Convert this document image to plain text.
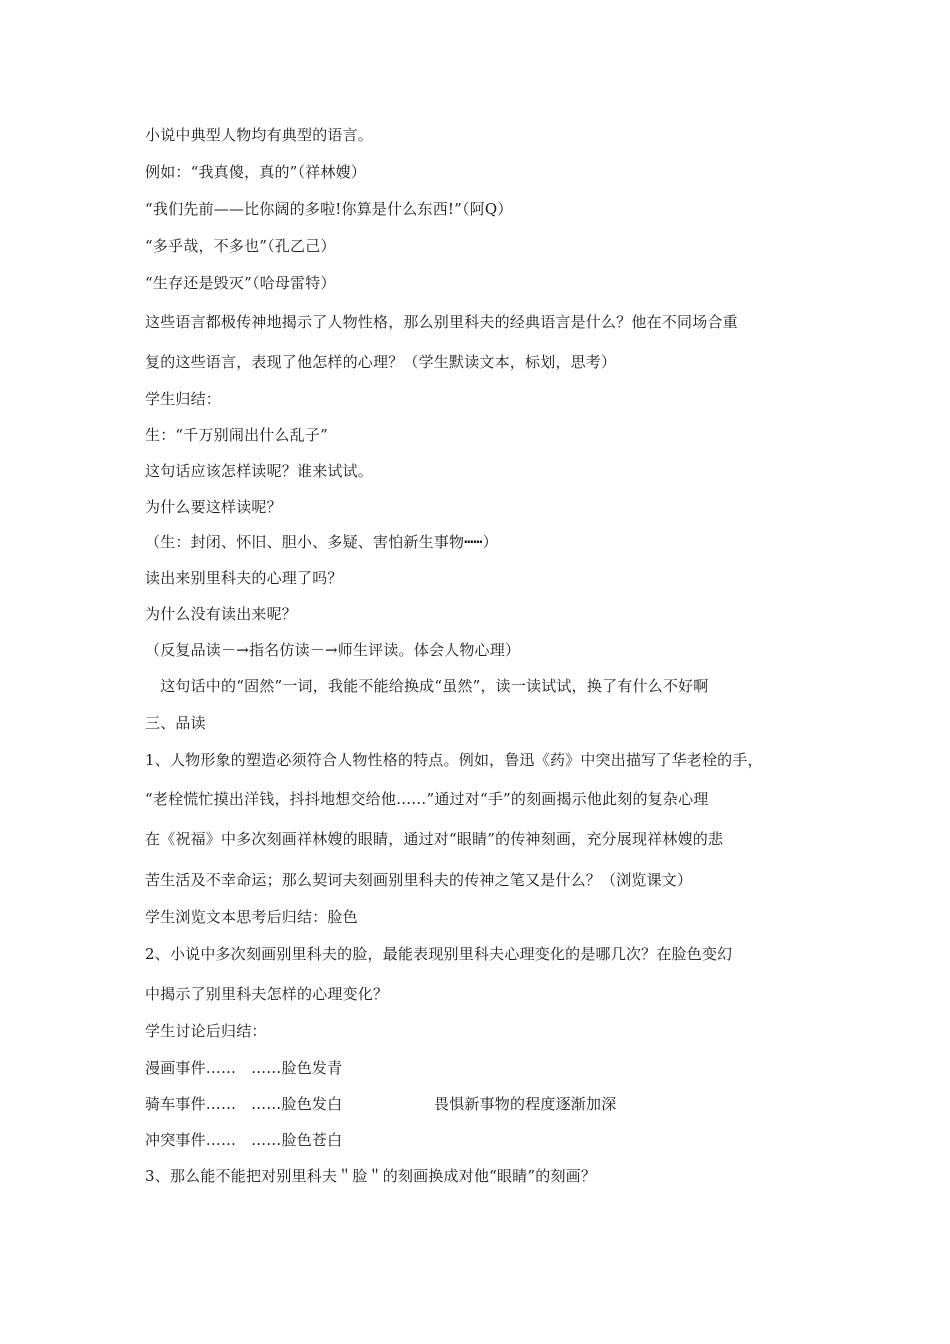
小说中典型人物均有典型的语言。
例如：“我真傻，真的”（祥林嫂）
“我们先前——比你阔的多啦!你算是什么东西!”（阿Q）
“多乎哉，不多也”（孔乙己）
“生存还是毁灭”（哈母雷特）
这些语言都极传神地揭示了人物性格，那么别里科夫的经典语言是什么？他在不同场合重
复的这些语言，表现了他怎样的心理？（学生默读文本，标划，思考）
学生归结：
生：“千万别闹出什么乱子”
这句话应该怎样读呢？谁来试试。
为什么要这样读呢？
（生：封闭、怀旧、胆小、多疑、害怕新生事物┅┅）
读出来别里科夫的心理了吗？
为什么没有读出来呢？
（反复品读－→指名仿读－→师生评读。体会人物心理）
　这句话中的“固然”一词，我能不能给换成“虽然”，读一读试试，换了有什么不好啊
三、品读
1、人物形象的塑造必须符合人物性格的特点。例如，鲁迅《药》中突出描写了华老栓的手，
“老栓慌忙摸出洋钱，抖抖地想交给他……”通过对“手”的刻画揭示他此刻的复杂心理
在《祝福》中多次刻画祥林嫂的眼睛，通过对“眼睛”的传神刻画，充分展现祥林嫂的悲
苦生活及不幸命运；那么契诃夫刻画别里科夫的传神之笔又是什么？（浏览课文）
学生浏览文本思考后归结：脸色
2、小说中多次刻画别里科夫的脸，最能表现别里科夫心理变化的是哪几次？在脸色变幻
中揭示了别里科夫怎样的心理变化？
学生讨论后归结：
漫画事件…… ……脸色发青
骑车事件…… ……脸色发白	畏惧新事物的程度逐渐加深
冲突事件…… ……脸色苍白
3、那么能不能把对别里科夫＂脸＂的刻画换成对他“眼睛”的刻画？
